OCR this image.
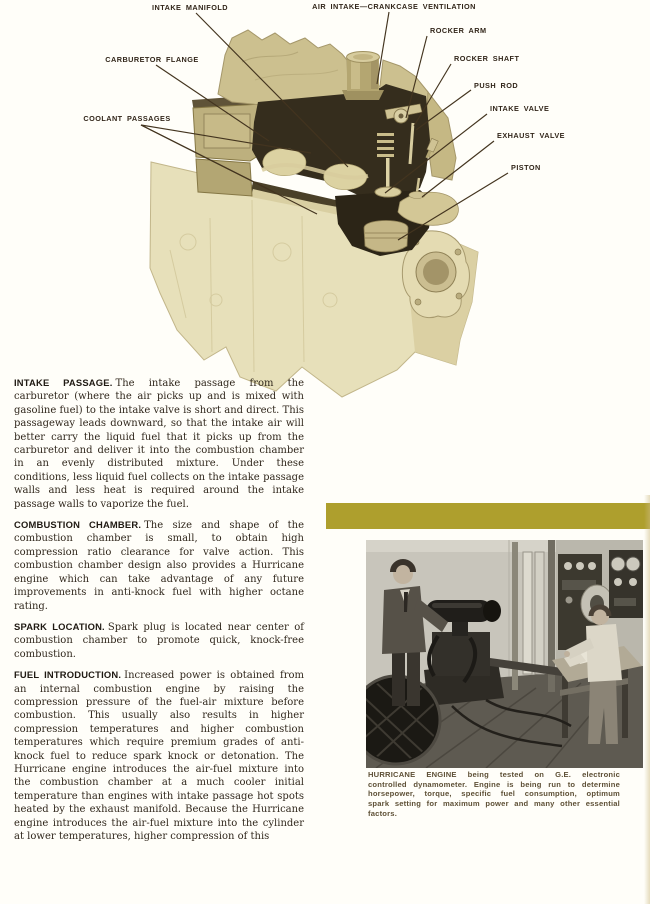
INTAKE MANIFOLD	AIR INTAKE—CRANKCASE VENTILATION
ROCKER ARM
ROCKER SHAFT
PUSH ROD
INTAKE VALVE
EXHAUST VALVE
PISTON
CARBURETOR FLANGE
COOLANT PASSAGES

INTAKE PASSAGE. The intake passage from the carburetor (where the air picks up and is mixed with gasoline fuel) to the intake valve is short and direct. This passageway leads downward, so that the intake air will better carry the liquid fuel that it picks up from the carburetor and deliver it into the combustion chamber in an evenly distributed mixture. Under these conditions, less liquid fuel collects on the intake passage walls and less heat is required around the intake passage walls to vaporize the fuel.

COMBUSTION CHAMBER. The size and shape of the combustion chamber is small, to obtain high compression ratio clearance for valve action. This combustion chamber design also provides a Hurricane engine which can take advantage of any future improvements in anti-knock fuel with higher octane rating.

SPARK LOCATION. Spark plug is located near center of combustion chamber to promote quick, knock-free combustion.

FUEL INTRODUCTION. Increased power is obtained from an internal combustion engine by raising the compression pressure of the fuel-air mixture before combustion. This usually also results in higher compression temperatures and higher combustion temperatures which require premium grades of anti-knock fuel to reduce spark knock or detonation. The Hurricane engine introduces the air-fuel mixture into the combustion chamber at a much cooler initial temperature than engines with intake passage hot spots heated by the exhaust manifold. Because the Hurricane engine introduces the air-fuel mixture into the cylinder at lower temperatures, higher compression of this

HURRICANE ENGINE being tested on G.E. electronic controlled dynamometer. Engine is being run to determine horsepower, torque, specific fuel consumption, optimum spark setting for maximum power and many other essential factors.
